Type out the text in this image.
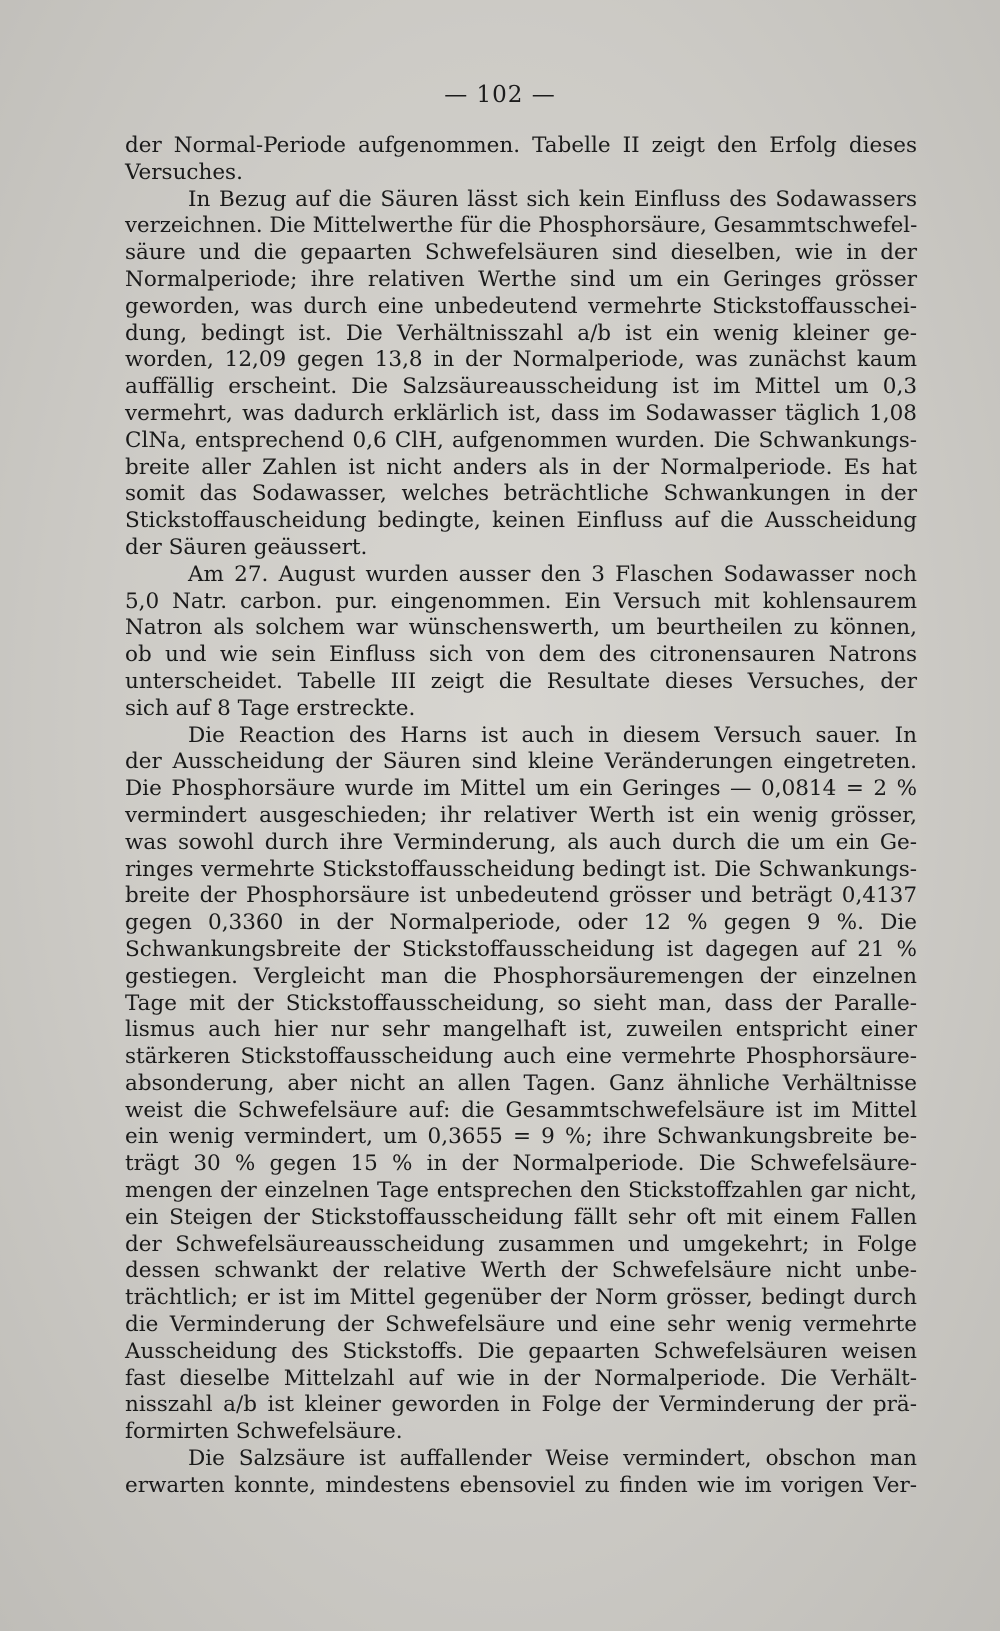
— 102 —
der Normal-Periode aufgenommen. Tabelle II zeigt den Erfolg dieses
Versuches.
In Bezug auf die Säuren lässt sich kein Einfluss des Sodawassers
verzeichnen. Die Mittelwerthe für die Phosphorsäure, Gesammtschwefel-
säure und die gepaarten Schwefelsäuren sind dieselben, wie in der
Normalperiode; ihre relativen Werthe sind um ein Geringes grösser
geworden, was durch eine unbedeutend vermehrte Stickstoffausschei-
dung, bedingt ist. Die Verhältnisszahl a/b ist ein wenig kleiner ge-
worden, 12,09 gegen 13,8 in der Normalperiode, was zunächst kaum
auffällig erscheint. Die Salzsäureausscheidung ist im Mittel um 0,3
vermehrt, was dadurch erklärlich ist, dass im Sodawasser täglich 1,08
ClNa, entsprechend 0,6 ClH, aufgenommen wurden. Die Schwankungs-
breite aller Zahlen ist nicht anders als in der Normalperiode. Es hat
somit das Sodawasser, welches beträchtliche Schwankungen in der
Stickstoffauscheidung bedingte, keinen Einfluss auf die Ausscheidung
der Säuren geäussert.
Am 27. August wurden ausser den 3 Flaschen Sodawasser noch
5,0 Natr. carbon. pur. eingenommen. Ein Versuch mit kohlensaurem
Natron als solchem war wünschenswerth, um beurtheilen zu können,
ob und wie sein Einfluss sich von dem des citronensauren Natrons
unterscheidet. Tabelle III zeigt die Resultate dieses Versuches, der
sich auf 8 Tage erstreckte.
Die Reaction des Harns ist auch in diesem Versuch sauer. In
der Ausscheidung der Säuren sind kleine Veränderungen eingetreten.
Die Phosphorsäure wurde im Mittel um ein Geringes — 0,0814 = 2 %
vermindert ausgeschieden; ihr relativer Werth ist ein wenig grösser,
was sowohl durch ihre Verminderung, als auch durch die um ein Ge-
ringes vermehrte Stickstoffausscheidung bedingt ist. Die Schwankungs-
breite der Phosphorsäure ist unbedeutend grösser und beträgt 0,4137
gegen 0,3360 in der Normalperiode, oder 12 % gegen 9 %. Die
Schwankungsbreite der Stickstoffausscheidung ist dagegen auf 21 %
gestiegen. Vergleicht man die Phosphorsäuremengen der einzelnen
Tage mit der Stickstoffausscheidung, so sieht man, dass der Paralle-
lismus auch hier nur sehr mangelhaft ist, zuweilen entspricht einer
stärkeren Stickstoffausscheidung auch eine vermehrte Phosphorsäure-
absonderung, aber nicht an allen Tagen. Ganz ähnliche Verhältnisse
weist die Schwefelsäure auf: die Gesammtschwefelsäure ist im Mittel
ein wenig vermindert, um 0,3655 = 9 %; ihre Schwankungsbreite be-
trägt 30 % gegen 15 % in der Normalperiode. Die Schwefelsäure-
mengen der einzelnen Tage entsprechen den Stickstoffzahlen gar nicht,
ein Steigen der Stickstoffausscheidung fällt sehr oft mit einem Fallen
der Schwefelsäureausscheidung zusammen und umgekehrt; in Folge
dessen schwankt der relative Werth der Schwefelsäure nicht unbe-
trächtlich; er ist im Mittel gegenüber der Norm grösser, bedingt durch
die Verminderung der Schwefelsäure und eine sehr wenig vermehrte
Ausscheidung des Stickstoffs. Die gepaarten Schwefelsäuren weisen
fast dieselbe Mittelzahl auf wie in der Normalperiode. Die Verhält-
nisszahl a/b ist kleiner geworden in Folge der Verminderung der prä-
formirten Schwefelsäure.
Die Salzsäure ist auffallender Weise vermindert, obschon man
erwarten konnte, mindestens ebensoviel zu finden wie im vorigen Ver-
